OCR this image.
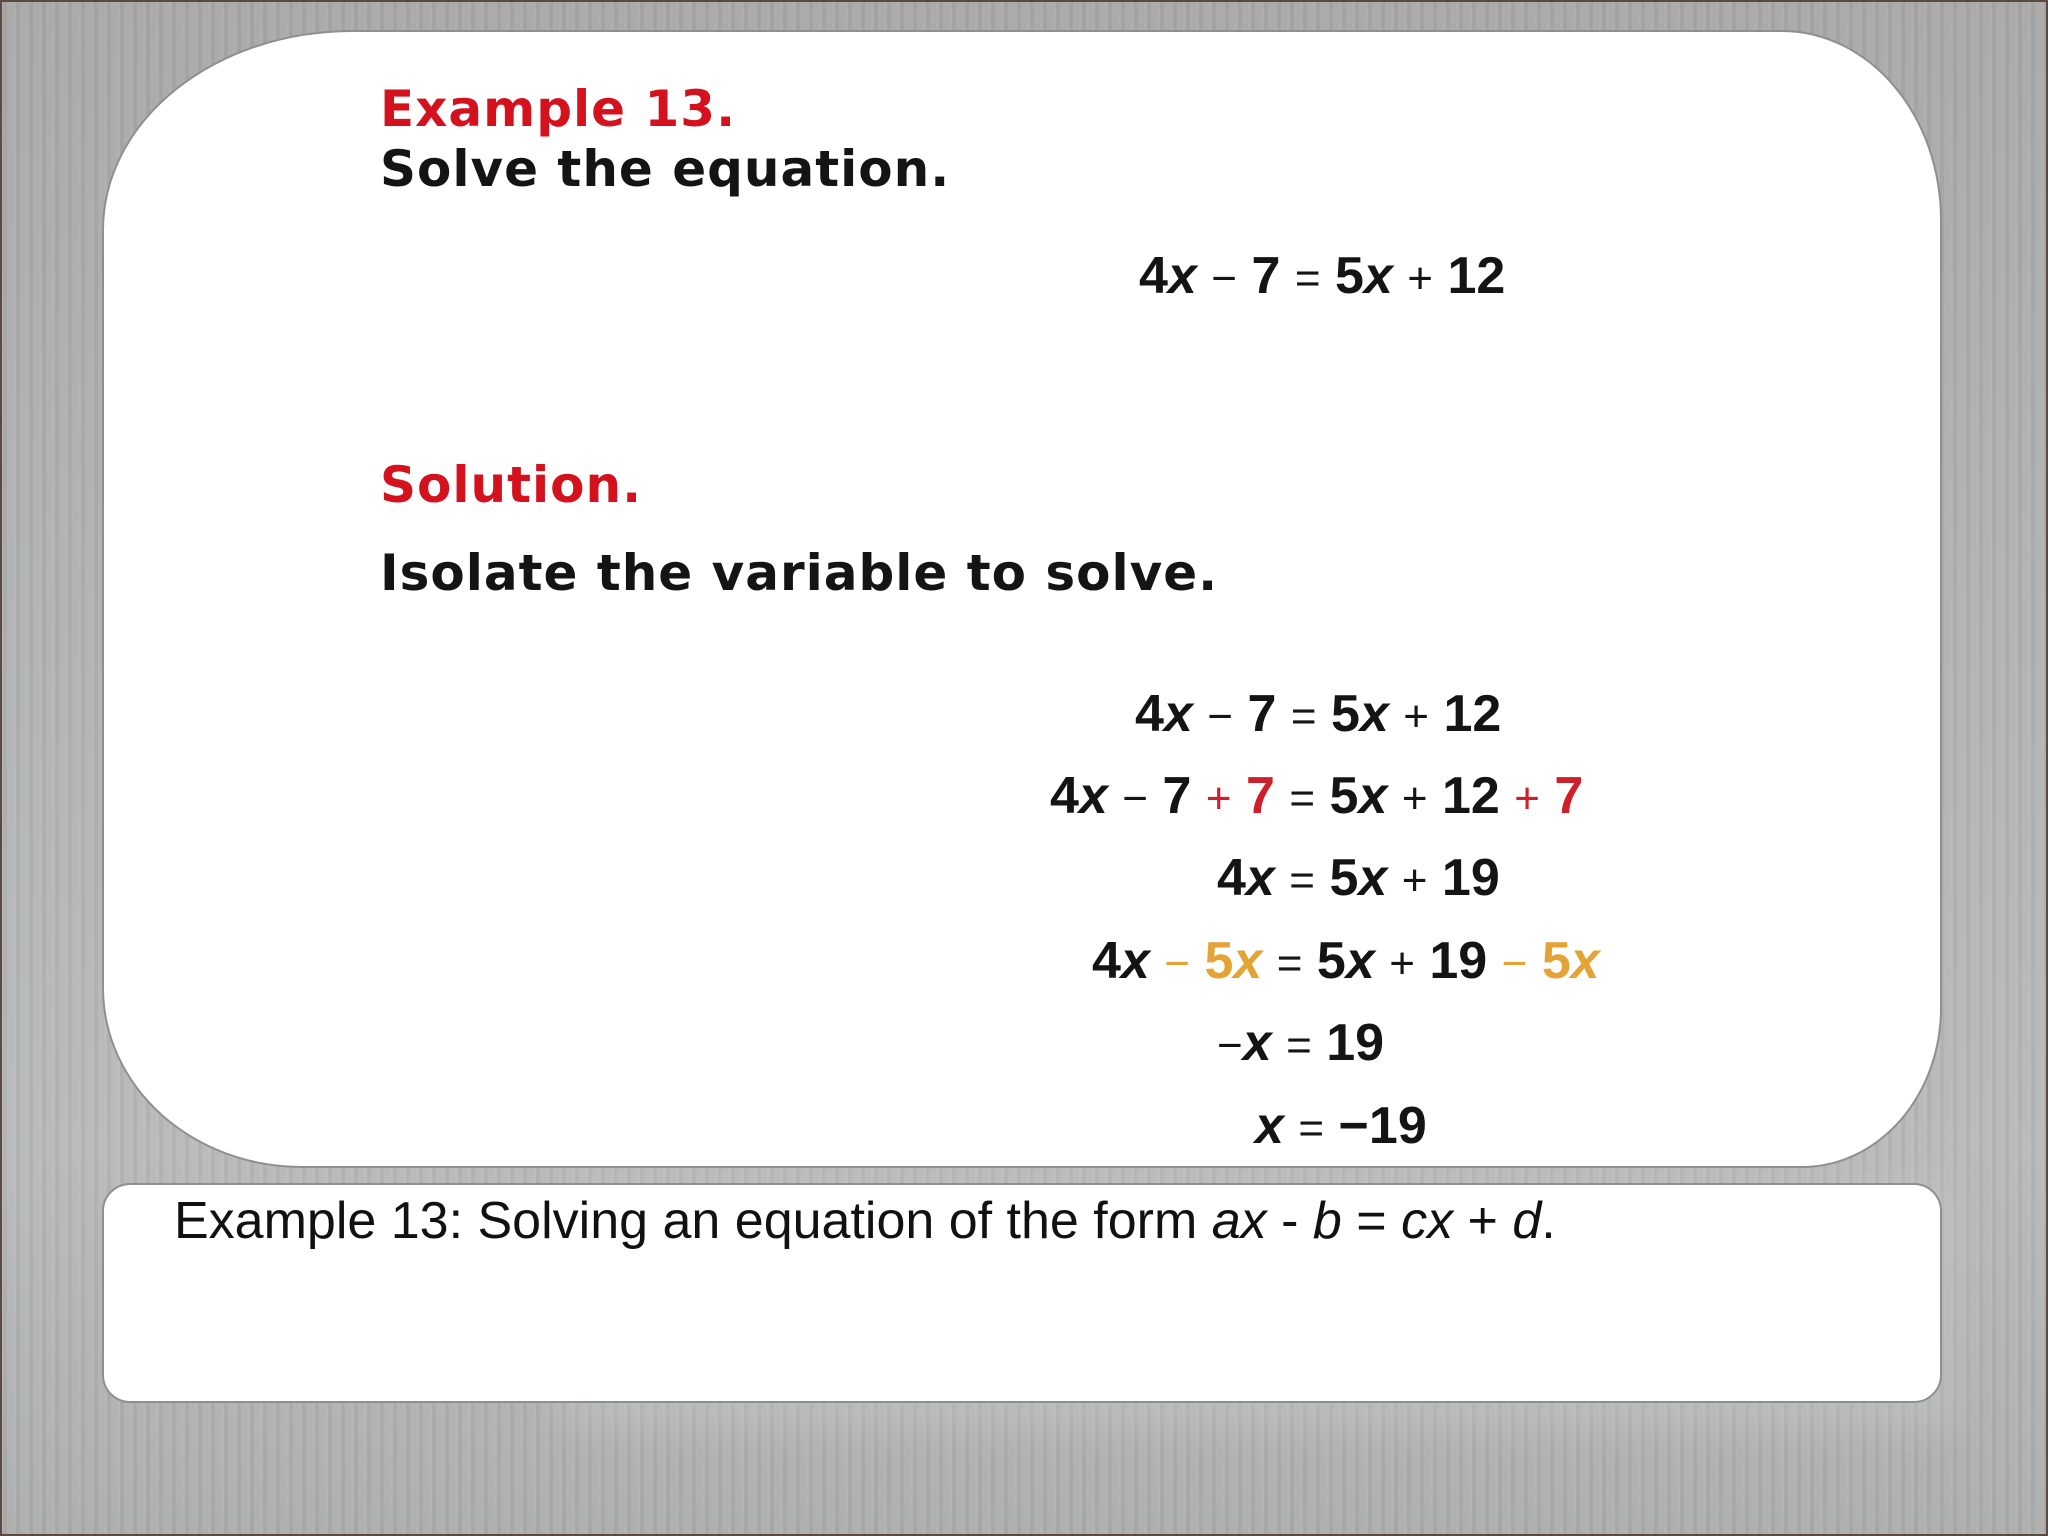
Example 13.
Solve the equation.
4x − 7 = 5x + 12
Solution.
Isolate the variable to solve.
4x − 7 = 5x + 12
4x − 7 + 7 = 5x + 12 + 7
4x = 5x + 19
4x − 5x = 5x + 19 − 5x
−x = 19
x = −19

Example 13: Solving an equation of the form ax - b = cx + d.
